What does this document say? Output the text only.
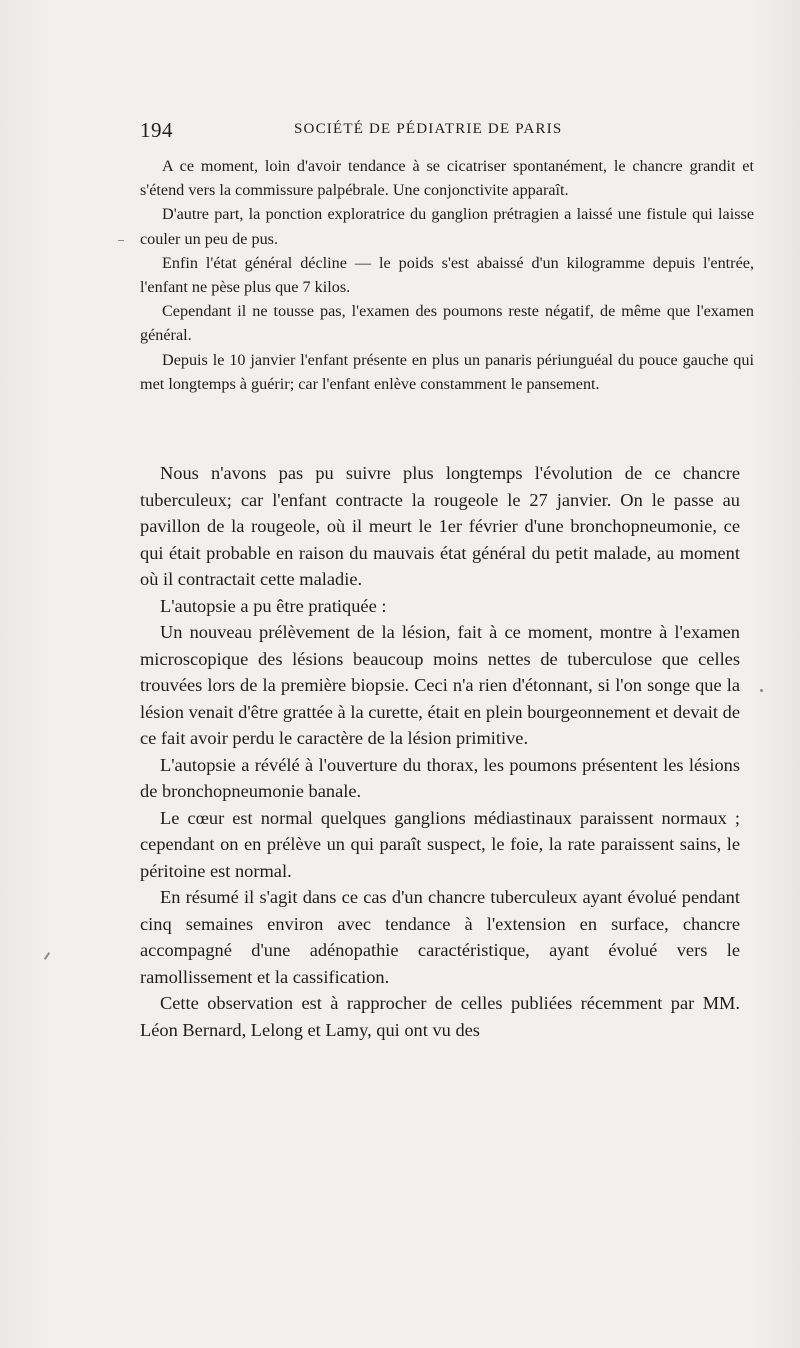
194	SOCIÉTÉ DE PÉDIATRIE DE PARIS

A ce moment, loin d'avoir tendance à se cicatriser spontanément, le chancre grandit et s'étend vers la commissure palpébrale. Une conjonctivite apparaît.

D'autre part, la ponction exploratrice du ganglion prétragien a laissé une fistule qui laisse couler un peu de pus.

Enfin l'état général décline — le poids s'est abaissé d'un kilogramme depuis l'entrée, l'enfant ne pèse plus que 7 kilos.

Cependant il ne tousse pas, l'examen des poumons reste négatif, de même que l'examen général.

Depuis le 10 janvier l'enfant présente en plus un panaris périunguéal du pouce gauche qui met longtemps à guérir; car l'enfant enlève constamment le pansement.

Nous n'avons pas pu suivre plus longtemps l'évolution de ce chancre tuberculeux; car l'enfant contracte la rougeole le 27 janvier. On le passe au pavillon de la rougeole, où il meurt le 1er février d'une bronchopneumonie, ce qui était probable en raison du mauvais état général du petit malade, au moment où il contractait cette maladie.

L'autopsie a pu être pratiquée :

Un nouveau prélèvement de la lésion, fait à ce moment, montre à l'examen microscopique des lésions beaucoup moins nettes de tuberculose que celles trouvées lors de la première biopsie. Ceci n'a rien d'étonnant, si l'on songe que la lésion venait d'être grattée à la curette, était en plein bourgeonnement et devait de ce fait avoir perdu le caractère de la lésion primitive.

L'autopsie a révélé à l'ouverture du thorax, les poumons présentent les lésions de bronchopneumonie banale.

Le cœur est normal quelques ganglions médiastinaux paraissent normaux ; cependant on en prélève un qui paraît suspect, le foie, la rate paraissent sains, le péritoine est normal.

En résumé il s'agit dans ce cas d'un chancre tuberculeux ayant évolué pendant cinq semaines environ avec tendance à l'extension en surface, chancre accompagné d'une adénopathie caractéristique, ayant évolué vers le ramollissement et la cassification.

Cette observation est à rapprocher de celles publiées récemment par MM. Léon Bernard, Lelong et Lamy, qui ont vu des
